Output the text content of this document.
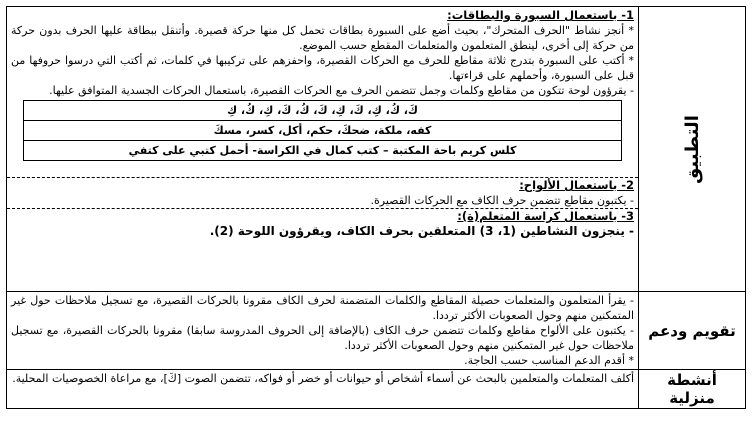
التطبيق	

1- باستعمال السبورة والبطاقات:

* أنجز نشاط "الحرف المتحرك"، بحيث أضع على السبورة بطاقات تحمل كل منها حركة قصيرة. وأتنقل ببطاقة عليها الحرف بدون حركة من حركة إلى أخرى، لينطق المتعلمون والمتعلمات المقطع حسب الموضع.

* أكتب على السبورة بتدرج ثلاثة مقاطع للحرف مع الحركات القصيرة، واحفزهم على تركيبها في كلمات، ثم أكتب التي درسوا حروفها من قبل على السبورة، وأحملهم على قراءتها.

- يقرؤون لوحة تتكون من مقاطع وكلمات وجمل تتضمن الحرف مع الحركات القصيرة، باستعمال الحركات الجسدية المتوافق عليها.

كَ، كُ، كِ، كَ، كِ، كَ، كُ، كَ، كِ، كُ، كِ
كفه، ملكة، ضحكَ، حكم، أكل، كسر، مسكَ
كلس كريم باحة المكتبة – كتب كمال في الكراسة- أحمل كتبي على كتفي

2- باستعمال الألواح:

- يكتبون مقاطع تتضمن حرف الكاف مع الحركات القصيرة.

3- باستعمال كراسة المتعلم(ة):

- ينجزون النشاطين (1، 3) المتعلقين بحرف الكاف، ويقرؤون اللوحة (2).

تقويم ودعم	

- يقرأ المتعلمون والمتعلمات حصيلة المقاطع والكلمات المتضمنة لحرف الكاف مقرونا بالحركات القصيرة، مع تسجيل ملاحظات حول غير المتمكنين منهم وحول الصعوبات الأكثر ترددا.

- يكتبون على الألواح مقاطع وكلمات تتضمن حرف الكاف (بالإضافة إلى الحروف المدروسة سابقا) مقرونا بالحركات القصيرة، مع تسجيل ملاحظات حول غير المتمكنين منهم وحول الصعوبات الأكثر ترددا.

* أقدم الدعم المناسب حسب الحاجة.

أنشطة منزلية	

أكلف المتعلمات والمتعلمين بالبحث عن أسماء أشخاص أو حيوانات أو خضر أو فواكه، تتضمن الصوت [كَ]، مع مراعاة الخصوصيات المحلية.
